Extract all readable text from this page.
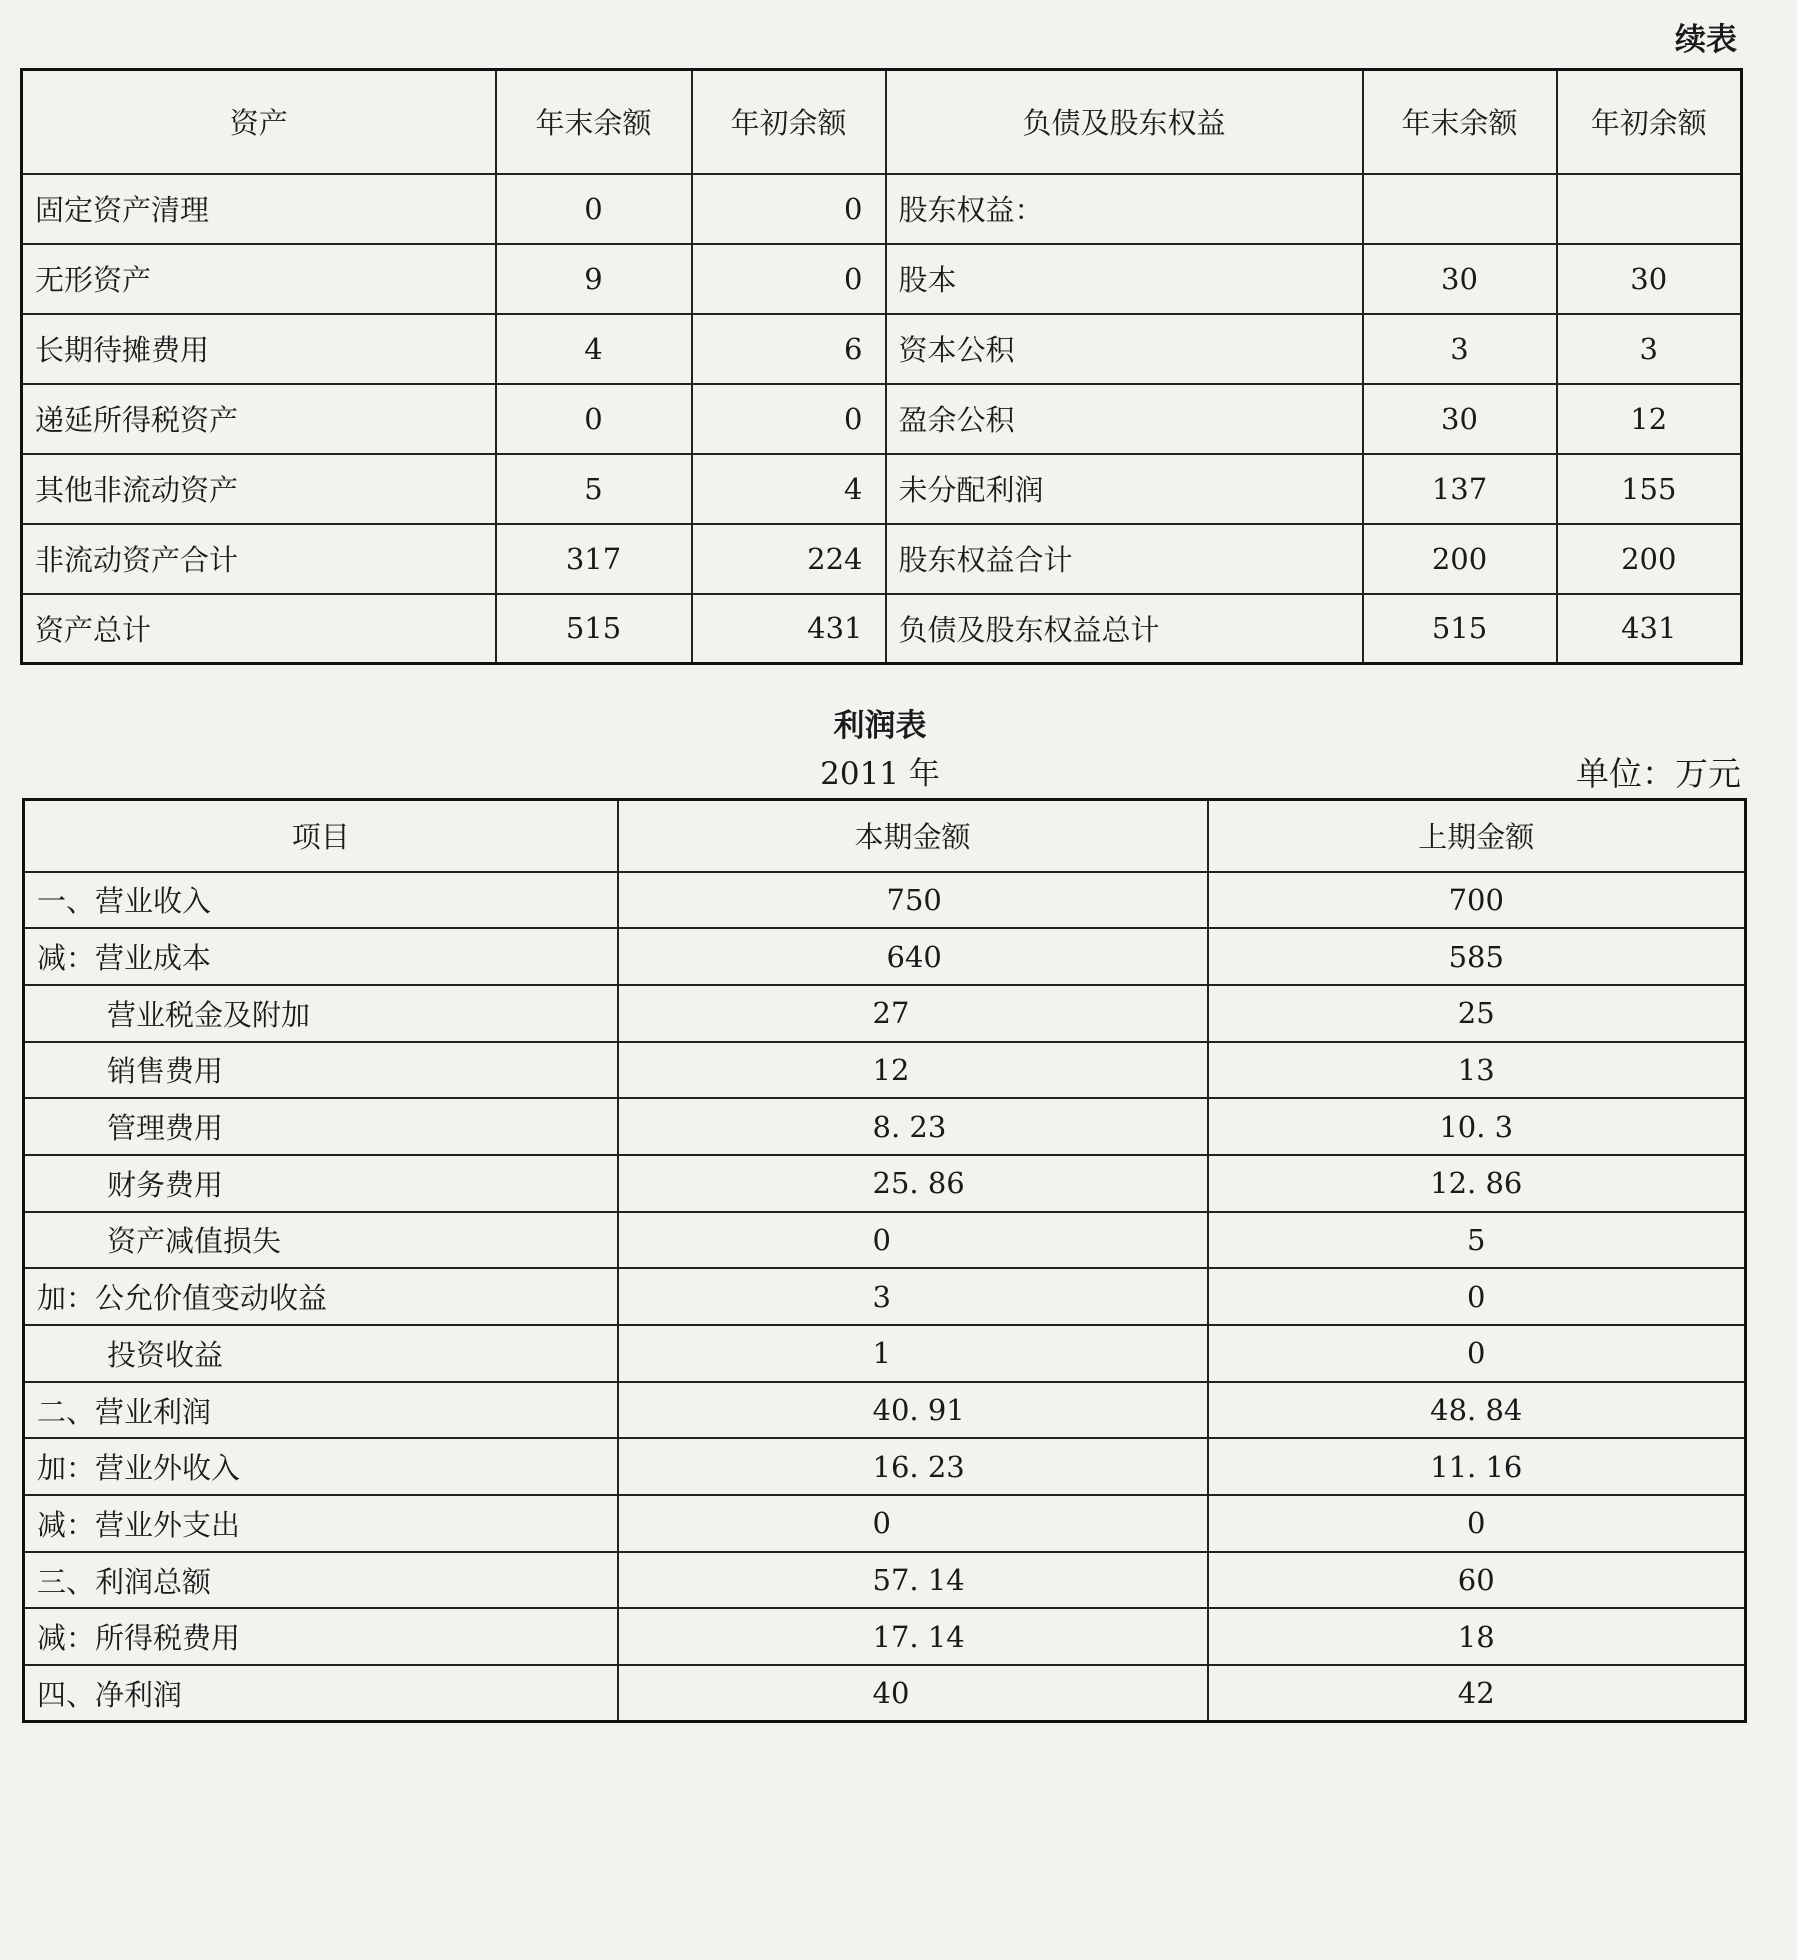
续表
资产	年末余额	年初余额	负债及股东权益	年末余额	年初余额
固定资产清理	0	0	股东权益：		
无形资产	9	0	股本	30	30
长期待摊费用	4	6	资本公积	3	3
递延所得税资产	0	0	盈余公积	30	12
其他非流动资产	5	4	未分配利润	137	155
非流动资产合计	317	224	股东权益合计	200	200
资产总计	515	431	负债及股东权益总计	515	431
利润表
2011 年	单位：万元
项目	本期金额	上期金额
一、营业收入	750	700
减：营业成本	640	585
营业税金及附加	27	25
销售费用	12	13
管理费用	8. 23	10. 3
财务费用	25. 86	12. 86
资产减值损失	0	5
加：公允价值变动收益	3	0
投资收益	1	0
二、营业利润	40. 91	48. 84
加：营业外收入	16. 23	11. 16
减：营业外支出	0	0
三、利润总额	57. 14	60
减：所得税费用	17. 14	18
四、净利润	40	42
